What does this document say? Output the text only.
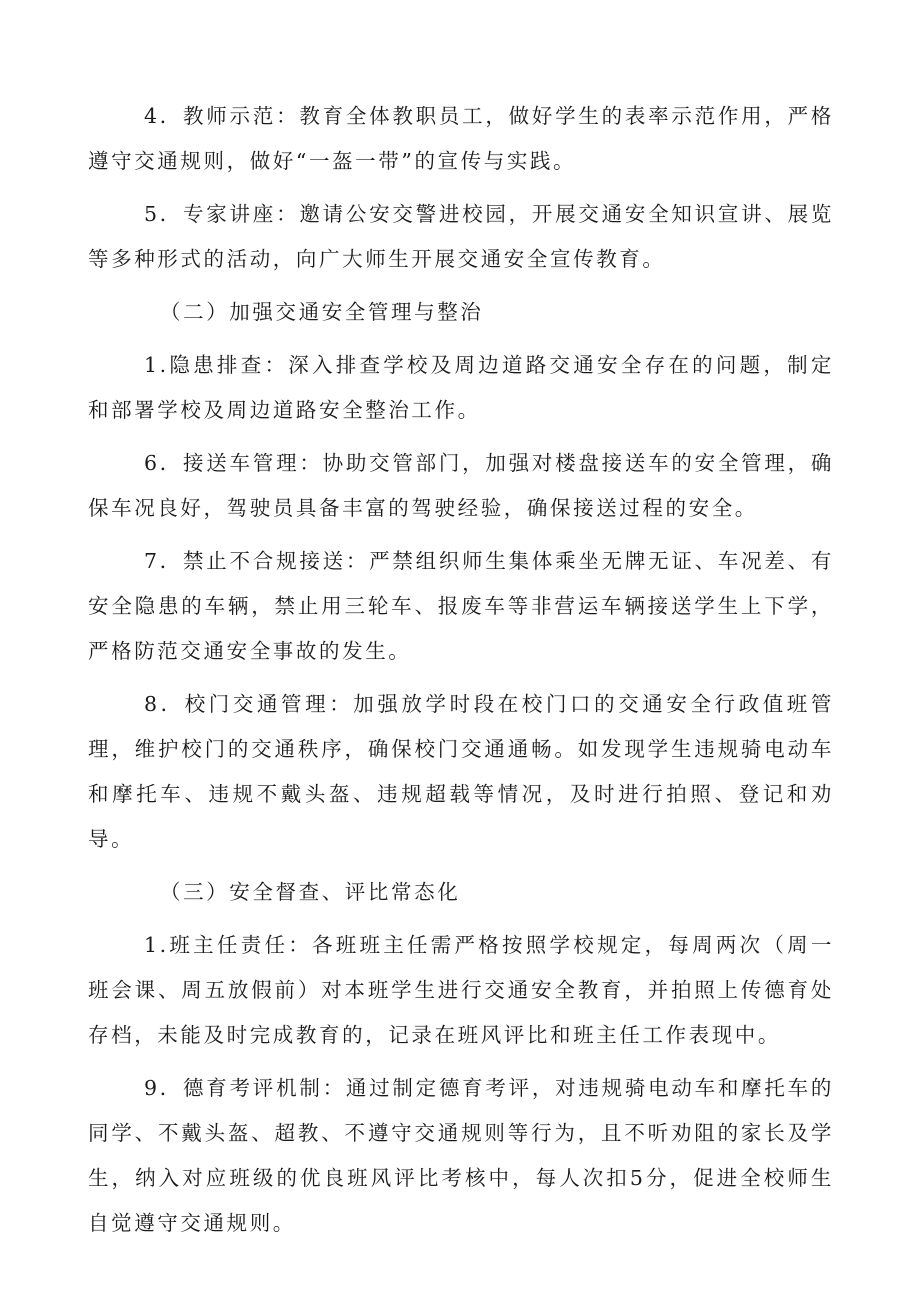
4．教师示范：教育全体教职员工，做好学生的表率示范作用，严格遵守交通规则，做好“一盔一带”的宣传与实践。

5．专家讲座：邀请公安交警进校园，开展交通安全知识宣讲、展览等多种形式的活动，向广大师生开展交通安全宣传教育。

（二）加强交通安全管理与整治

1.隐患排查：深入排查学校及周边道路交通安全存在的问题，制定和部署学校及周边道路安全整治工作。

6．接送车管理：协助交管部门，加强对楼盘接送车的安全管理，确保车况良好，驾驶员具备丰富的驾驶经验，确保接送过程的安全。

7．禁止不合规接送：严禁组织师生集体乘坐无牌无证、车况差、有安全隐患的车辆，禁止用三轮车、报废车等非营运车辆接送学生上下学，严格防范交通安全事故的发生。

8．校门交通管理：加强放学时段在校门口的交通安全行政值班管理，维护校门的交通秩序，确保校门交通通畅。如发现学生违规骑电动车和摩托车、违规不戴头盔、违规超载等情况，及时进行拍照、登记和劝导。

（三）安全督查、评比常态化

1.班主任责任：各班班主任需严格按照学校规定，每周两次（周一班会课、周五放假前）对本班学生进行交通安全教育，并拍照上传德育处存档，未能及时完成教育的，记录在班风评比和班主任工作表现中。

9．德育考评机制：通过制定德育考评，对违规骑电动车和摩托车的同学、不戴头盔、超教、不遵守交通规则等行为，且不听劝阻的家长及学生，纳入对应班级的优良班风评比考核中，每人次扣5分，促进全校师生自觉遵守交通规则。
